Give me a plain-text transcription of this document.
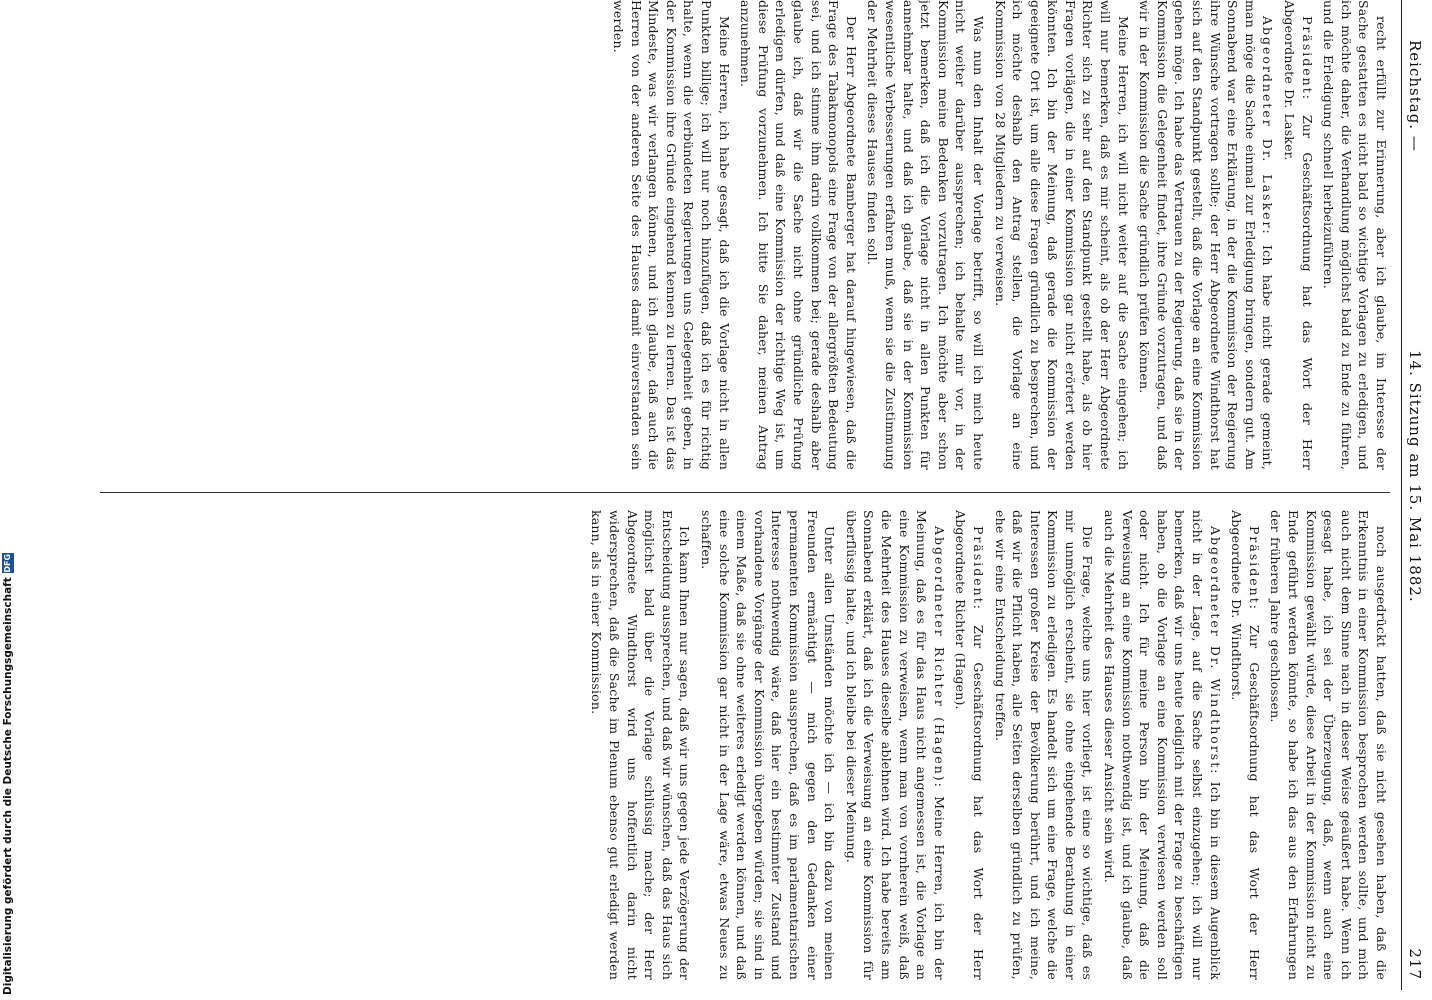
Digitalisierung gefördert durch die Deutsche Forschungsgemeinschaft
DFG
Reichstag. —
14. Sitzung am 15. Mai 1882.
217

recht erfüllt zur Erinnerung, aber ich glaube, im Interesse der Sache gestatten es nicht bald so wichtige Vorlagen zu erledigen, und ich möchte daher, die Verhandlung möglichst bald zu Ende zu führen, und die Erledigung schnell herbeizuführen.

Präsident: Zur Geschäftsordnung hat das Wort der Herr Abgeordnete Dr. Lasker.

Abgeordneter Dr. Lasker: Ich habe nicht gerade gemeint, man möge die Sache einmal zur Erledigung bringen, sondern gut. Am Sonnabend war eine Erklärung, in der die Kommission der Regierung ihre Wünsche vortragen sollte; der Herr Abgeordnete Windthorst hat sich auf den Standpunkt gestellt, daß die Vorlage an eine Kommission gehen möge. Ich habe das Vertrauen zu der Regierung, daß sie in der Kommission die Gelegenheit findet, ihre Gründe vorzutragen, und daß wir in der Kommission die Sache gründlich prüfen können.

Meine Herren, ich will nicht weiter auf die Sache eingehen; ich will nur bemerken, daß es mir scheint, als ob der Herr Abgeordnete Richter sich zu sehr auf den Standpunkt gestellt habe, als ob hier Fragen vorlägen, die in einer Kommission gar nicht erörtert werden könnten. Ich bin der Meinung, daß gerade die Kommission der geeignete Ort ist, um alle diese Fragen gründlich zu besprechen, und ich möchte deshalb den Antrag stellen, die Vorlage an eine Kommission von 28 Mitgliedern zu verweisen.

Was nun den Inhalt der Vorlage betrifft, so will ich mich heute nicht weiter darüber aussprechen; ich behalte mir vor, in der Kommission meine Bedenken vorzutragen. Ich möchte aber schon jetzt bemerken, daß ich die Vorlage nicht in allen Punkten für annehmbar halte, und daß ich glaube, daß sie in der Kommission wesentliche Verbesserungen erfahren muß, wenn sie die Zustimmung der Mehrheit dieses Hauses finden soll.

Der Herr Abgeordnete Bamberger hat darauf hingewiesen, daß die Frage des Tabakmonopols eine Frage von der allergrößten Bedeutung sei, und ich stimme ihm darin vollkommen bei; gerade deshalb aber glaube ich, daß wir die Sache nicht ohne gründliche Prüfung erledigen dürfen, und daß eine Kommission der richtige Weg ist, um diese Prüfung vorzunehmen. Ich bitte Sie daher, meinen Antrag anzunehmen.

Meine Herren, ich habe gesagt, daß ich die Vorlage nicht in allen Punkten billige; ich will nur noch hinzufügen, daß ich es für richtig halte, wenn die verbündeten Regierungen uns Gelegenheit geben, in der Kommission ihre Gründe eingehend kennen zu lernen. Das ist das Mindeste, was wir verlangen können, und ich glaube, daß auch die Herren von der anderen Seite des Hauses damit einverstanden sein werden.

noch ausgedrückt hatten, daß sie nicht gesehen haben, daß die Erkenntnis in einer Kommission besprochen werden sollte, und mich auch nicht dem Sinne nach in dieser Weise geäußert habe. Wenn ich gesagt habe, ich sei der Überzeugung, daß, wenn auch eine Kommission gewählt würde, diese Arbeit in der Kommission nicht zu Ende geführt werden könnte, so habe ich das aus den Erfahrungen der früheren Jahre geschlossen.

Präsident: Zur Geschäftsordnung hat das Wort der Herr Abgeordnete Dr. Windthorst.

Abgeordneter Dr. Windthorst: Ich bin in diesem Augenblick nicht in der Lage, auf die Sache selbst einzugehen; ich will nur bemerken, daß wir uns heute lediglich mit der Frage zu beschäftigen haben, ob die Vorlage an eine Kommission verwiesen werden soll oder nicht. Ich für meine Person bin der Meinung, daß die Verweisung an eine Kommission nothwendig ist, und ich glaube, daß auch die Mehrheit des Hauses dieser Ansicht sein wird.

Die Frage, welche uns hier vorliegt, ist eine so wichtige, daß es mir unmöglich erscheint, sie ohne eingehende Berathung in einer Kommission zu erledigen. Es handelt sich um eine Frage, welche die Interessen großer Kreise der Bevölkerung berührt, und ich meine, daß wir die Pflicht haben, alle Seiten derselben gründlich zu prüfen, ehe wir eine Entscheidung treffen.

Präsident: Zur Geschäftsordnung hat das Wort der Herr Abgeordnete Richter (Hagen).

Abgeordneter Richter (Hagen): Meine Herren, ich bin der Meinung, daß es für das Haus nicht angemessen ist, die Vorlage an eine Kommission zu verweisen, wenn man von vornherein weiß, daß die Mehrheit des Hauses dieselbe ablehnen wird. Ich habe bereits am Sonnabend erklärt, daß ich die Verweisung an eine Kommission für überflüssig halte, und ich bleibe bei dieser Meinung.

Unter allen Umständen möchte ich — ich bin dazu von meinen Freunden ermächtigt — mich gegen den Gedanken einer permanenten Kommission aussprechen, daß es im parlamentarischen Interesse nothwendig wäre, daß hier ein bestimmter Zustand und vorhandene Vorgänge der Kommission übergeben würden; sie sind in einem Maße, daß sie ohne weiteres erledigt werden können, und daß eine solche Kommission gar nicht in der Lage wäre, etwas Neues zu schaffen.

Ich kann Ihnen nur sagen, daß wir uns gegen jede Verzögerung der Entscheidung aussprechen, und daß wir wünschen, daß das Haus sich möglichst bald über die Vorlage schlüssig mache; der Herr Abgeordnete Windthorst wird uns hoffentlich darin nicht widersprechen, daß die Sache im Plenum ebenso gut erledigt werden kann, als in einer Kommission.
